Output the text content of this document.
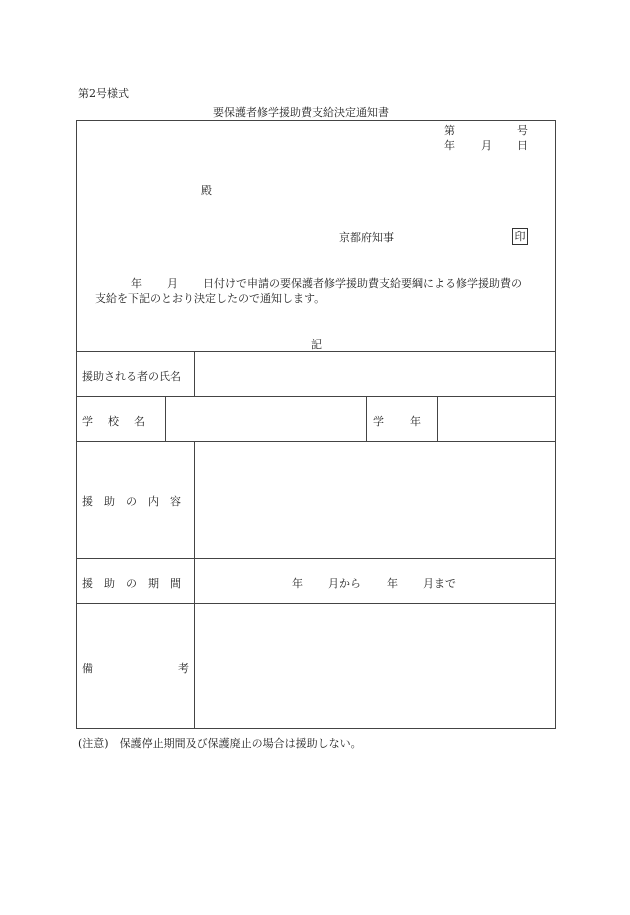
第2号様式
要保護者修学援助費支給決定通知書
第	号
年 月 日
殿
京都府知事	印
年 月 日付けで申請の要保護者修学援助費支給要綱による修学援助費の
支給を下記のとおり決定したので通知します。
記
援助される者の氏名
学校名	学年
援助の内容
援助の期間	年 月から 年 月まで
備	考
(注意)　保護停止期間及び保護廃止の場合は援助しない。
